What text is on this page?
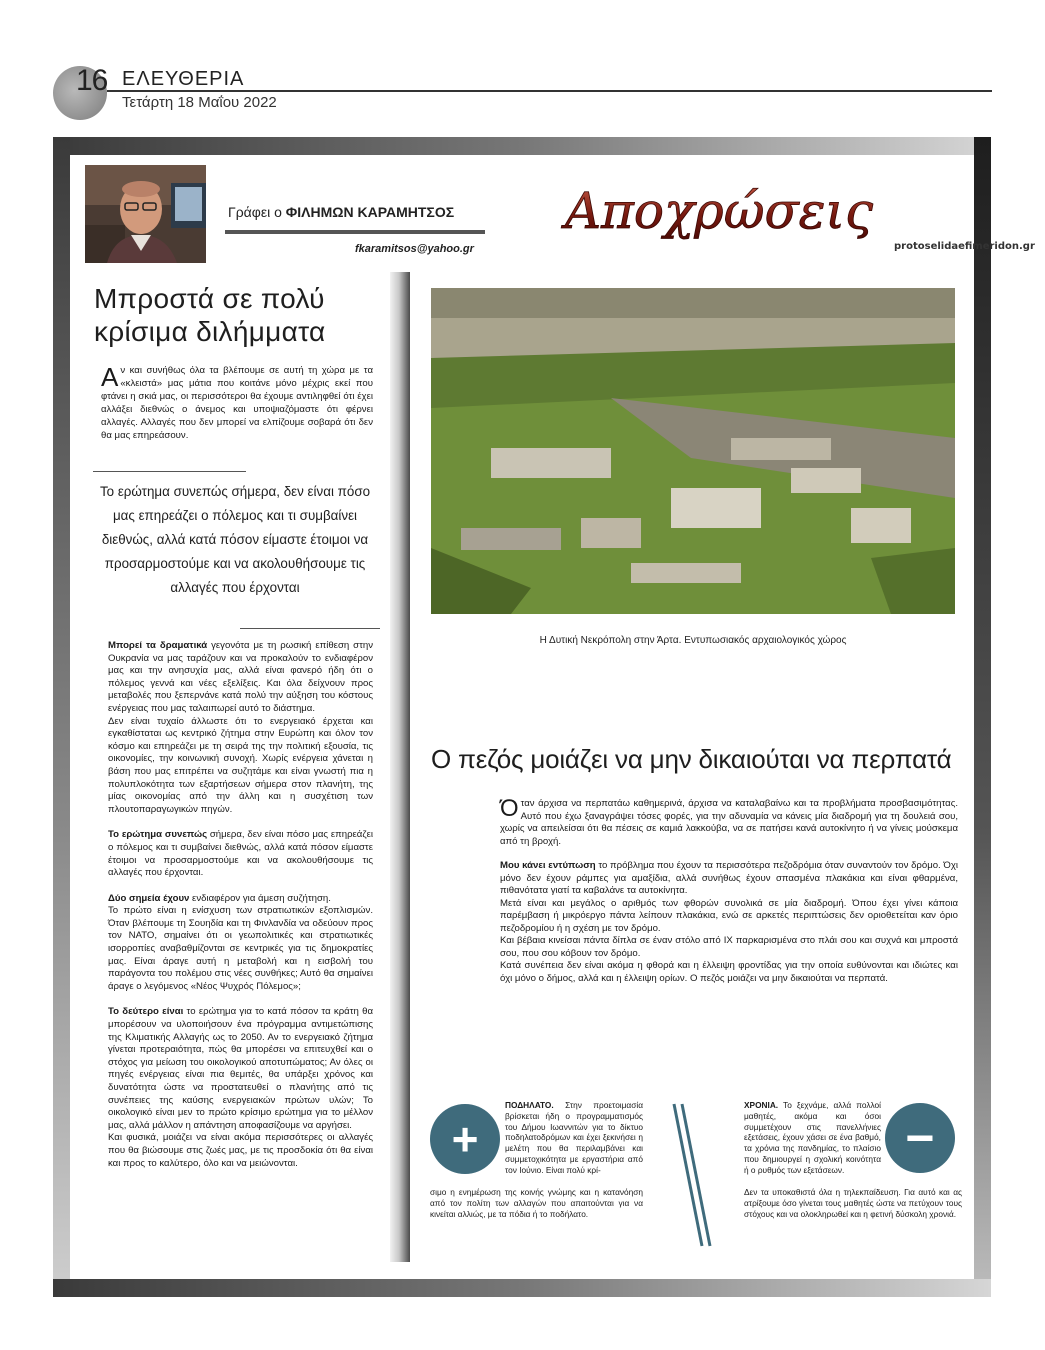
16 ΕΛΕΥΘΕΡΙΑ
Τετάρτη 18 Μαΐου 2022
Γράφει ο ΦΙΛΗΜΩΝ ΚΑΡΑΜΗΤΣΟΣ
fkaramitsos@yahoo.gr
Αποχρώσεις
protoselidaefimeridon.gr
Μπροστά σε πολύ κρίσιμα διλήμματα
Αν και συνήθως όλα τα βλέπουμε σε αυτή τη χώρα με τα «κλειστά» μας μάτια που κοιτάνε μόνο μέχρις εκεί που φτάνει η σκιά μας, οι περισσότεροι θα έχουμε αντιληφθεί ότι έχει αλλάξει διεθνώς ο άνεμος και υποψιαζόμαστε ότι φέρνει αλλαγές. Αλλαγές που δεν μπορεί να ελπίζουμε σοβαρά ότι δεν θα μας επηρεάσουν.
Το ερώτημα συνεπώς σήμερα, δεν είναι πόσο μας επηρεάζει ο πόλεμος και τι συμβαίνει διεθνώς, αλλά κατά πόσον είμαστε έτοιμοι να προσαρμοστούμε και να ακολουθήσουμε τις αλλαγές που έρχονται

Μπορεί τα δραματικά γεγονότα με τη ρωσική επίθεση στην Ουκρανία να μας ταράζουν και να προκαλούν το ενδιαφέρον μας και την ανησυχία μας, αλλά είναι φανερό ήδη ότι ο πόλεμος γεννά και νέες εξελίξεις. Και όλα δείχνουν προς μεταβολές που ξεπερνάνε κατά πολύ την αύξηση του κόστους ενέργειας που μας ταλαιπωρεί αυτό το διάστημα.

Δεν είναι τυχαίο άλλωστε ότι το ενεργειακό έρχεται και εγκαθίσταται ως κεντρικό ζήτημα στην Ευρώπη και όλον τον κόσμο και επηρεάζει με τη σειρά της την πολιτική εξουσία, τις οικονομίες, την κοινωνική συνοχή. Χωρίς ενέργεια χάνεται η βάση που μας επιτρέπει να συζητάμε και είναι γνωστή πια η πολυπλοκότητα των εξαρτήσεων σήμερα στον πλανήτη, της μίας οικονομίας από την άλλη και η συσχέτιση των πλουτοπαραγωγικών πηγών.

Το ερώτημα συνεπώς σήμερα, δεν είναι πόσο μας επηρεάζει ο πόλεμος και τι συμβαίνει διεθνώς, αλλά κατά πόσον είμαστε έτοιμοι να προσαρμοστούμε και να ακολουθήσουμε τις αλλαγές που έρχονται.

Δύο σημεία έχουν ενδιαφέρον για άμεση συζήτηση.

Το πρώτο είναι η ενίσχυση των στρατιωτικών εξοπλισμών. Όταν βλέπουμε τη Σουηδία και τη Φινλανδία να οδεύουν προς τον ΝΑΤΟ, σημαίνει ότι οι γεωπολιτικές και στρατιωτικές ισορροπίες αναβαθμίζονται σε κεντρικές για τις δημοκρατίες μας. Είναι άραγε αυτή η μεταβολή και η εισβολή του παράγοντα του πολέμου στις νέες συνθήκες; Αυτό θα σημαίνει άραγε ο λεγόμενος «Νέος Ψυχρός Πόλεμος»;

Το δεύτερο είναι το ερώτημα για το κατά πόσον τα κράτη θα μπορέσουν να υλοποιήσουν ένα πρόγραμμα αντιμετώπισης της Κλιματικής Αλλαγής ως το 2050. Αν το ενεργειακό ζήτημα γίνεται προτεραιότητα, πώς θα μπορέσει να επιτευχθεί και ο στόχος για μείωση του οικολογικού αποτυπώματος; Αν όλες οι πηγές ενέργειας είναι πια θεμιτές, θα υπάρξει χρόνος και δυνατότητα ώστε να προστατευθεί ο πλανήτης από τις συνέπειες της καύσης ενεργειακών πρώτων υλών; Το οικολογικό είναι μεν το πρώτο κρίσιμο ερώτημα για το μέλλον μας, αλλά μάλλον η απάντηση αποφασίζουμε να αργήσει.

Και φυσικά, μοιάζει να είναι ακόμα περισσότερες οι αλλαγές που θα βιώσουμε στις ζωές μας, με τις προσδοκία ότι θα είναι και προς το καλύτερο, όλο και να μειώνονται.

Η Δυτική Νεκρόπολη στην Άρτα. Εντυπωσιακός αρχαιολογικός χώρος
Ο πεζός μοιάζει να μην δικαιούται να περπατά

Όταν άρχισα να περπατάω καθημερινά, άρχισα να καταλαβαίνω και τα προβλήματα προσβασιμότητας. Αυτό που έχω ξαναγράψει τόσες φορές, για την αδυναμία να κάνεις μία διαδρομή για τη δουλειά σου, χωρίς να απειλείσαι ότι θα πέσεις σε καμιά λακκούβα, να σε πατήσει κανά αυτοκίνητο ή να γίνεις μούσκεμα από τη βροχή.

Μου κάνει εντύπωση το πρόβλημα που έχουν τα περισσότερα πεζοδρόμια όταν συναντούν τον δρόμο. Όχι μόνο δεν έχουν ράμπες για αμαξίδια, αλλά συνήθως έχουν σπασμένα πλακάκια και είναι φθαρμένα, πιθανότατα γιατί τα καβαλάνε τα αυτοκίνητα.

Μετά είναι και μεγάλος ο αριθμός των φθορών συνολικά σε μία διαδρομή. Όπου έχει γίνει κάποια παρέμβαση ή μικρόεργο πάντα λείπουν πλακάκια, ενώ σε αρκετές περιπτώσεις δεν οριοθετείται καν όριο πεζοδρομίου ή η σχέση με τον δρόμο.

Και βέβαια κινείσαι πάντα δίπλα σε έναν στόλο από ΙΧ παρκαρισμένα στο πλάι σου και συχνά και μπροστά σου, που σου κόβουν τον δρόμο.

Κατά συνέπεια δεν είναι ακόμα η φθορά και η έλλειψη φροντίδας για την οποία ευθύνονται και ιδιώτες και όχι μόνο ο δήμος, αλλά και η έλλειψη ορίων. Ο πεζός μοιάζει να μην δικαιούται να περπατά.

+
ΠΟΔΗΛΑΤΟ. Στην προετοιμασία βρίσκεται ήδη ο προγραμματισμός του Δήμου Ιωαννιτών για το δίκτυο ποδηλατοδρόμων και έχει ξεκινήσει η μελέτη που θα περιλαμβάνει και συμμετοχικότητα με εργαστήρια από τον Ιούνιο. Είναι πολύ κρί-
σιμο η ενημέρωση της κοινής γνώμης και η κατανόηση από τον πολίτη των αλλαγών που απαιτούνται για να κινείται αλλιώς, με τα πόδια ή το ποδήλατο.
ΧΡΟΝΙΑ. Το ξεχνάμε, αλλά πολλοί μαθητές, ακόμα και όσοι συμμετέχουν στις πανελλήνιες εξετάσεις, έχουν χάσει σε ένα βαθμό, τα χρόνια της πανδημίας, το πλαίσιο που δημιουργεί η σχολική κοινότητα ή ο ρυθμός των εξετάσεων.
Δεν τα υποκαθιστά όλα η τηλεκπαίδευση. Για αυτό και ας ατρίξουμε όσο γίνεται τους μαθητές ώστε να πετύχουν τους στόχους και να ολοκληρωθεί και η φετινή δύσκολη χρονιά.
−
